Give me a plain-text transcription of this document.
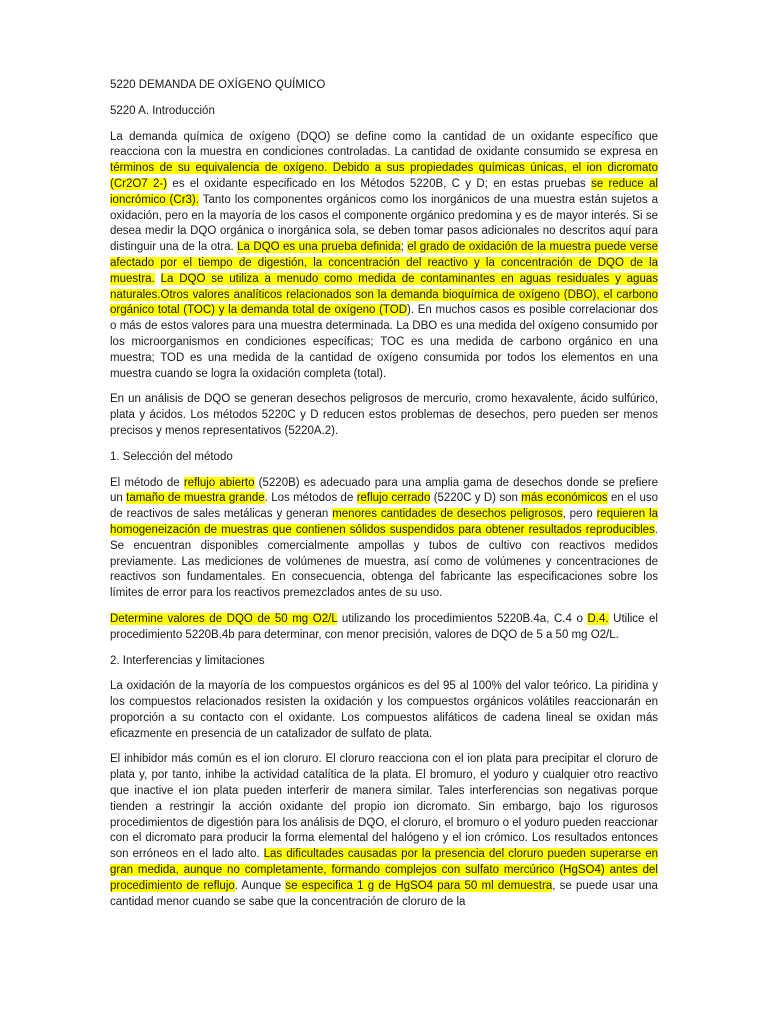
5220 DEMANDA DE OXÍGENO QUÍMICO
5220 A. Introducción

La demanda química de oxígeno (DQO) se define como la cantidad de un oxidante específico que reacciona con la muestra en condiciones controladas. La cantidad de oxidante consumido se expresa en términos de su equivalencia de oxígeno. Debido a sus propiedades químicas únicas, el ion dicromato (Cr2O7 2-) es el oxidante especificado en los Métodos 5220B, C y D; en estas pruebas se reduce al ioncrómico (Cr3). Tanto los componentes orgánicos como los inorgánicos de una muestra están sujetos a oxidación, pero en la mayoría de los casos el componente orgánico predomina y es de mayor interés. Si se desea medir la DQO orgánica o inorgánica sola, se deben tomar pasos adicionales no descritos aquí para distinguir una de la otra. La DQO es una prueba definida; el grado de oxidación de la muestra puede verse afectado por el tiempo de digestión, la concentración del reactivo y la concentración de DQO de la muestra. La DQO se utiliza a menudo como medida de contaminantes en aguas residuales y aguas naturales.Otros valores analíticos relacionados son la demanda bioquímica de oxígeno (DBO), el carbono orgánico total (TOC) y la demanda total de oxígeno (TOD). En muchos casos es posible correlacionar dos o más de estos valores para una muestra determinada. La DBO es una medida del oxígeno consumido por los microorganismos en condiciones específicas; TOC es una medida de carbono orgánico en una muestra; TOD es una medida de la cantidad de oxígeno consumida por todos los elementos en una muestra cuando se logra la oxidación completa (total).

En un análisis de DQO se generan desechos peligrosos de mercurio, cromo hexavalente, ácido sulfúrico, plata y ácidos. Los métodos 5220C y D reducen estos problemas de desechos, pero pueden ser menos precisos y menos representativos (5220A.2).

1. Selección del método

El método de reflujo abierto (5220B) es adecuado para una amplia gama de desechos donde se prefiere un tamaño de muestra grande. Los métodos de reflujo cerrado (5220C y D) son más económicos en el uso de reactivos de sales metálicas y generan menores cantidades de desechos peligrosos, pero requieren la homogeneización de muestras que contienen sólidos suspendidos para obtener resultados reproducibles. Se encuentran disponibles comercialmente ampollas y tubos de cultivo con reactivos medidos previamente. Las mediciones de volúmenes de muestra, así como de volúmenes y concentraciones de reactivos son fundamentales. En consecuencia, obtenga del fabricante las especificaciones sobre los límites de error para los reactivos premezclados antes de su uso.

Determine valores de DQO de 50 mg O2/L utilizando los procedimientos 5220B.4a, C.4 o D.4. Utilice el procedimiento 5220B.4b para determinar, con menor precisión, valores de DQO de 5 a 50 mg O2/L.

2. Interferencias y limitaciones

La oxidación de la mayoría de los compuestos orgánicos es del 95 al 100% del valor teórico. La piridina y los compuestos relacionados resisten la oxidación y los compuestos orgánicos volátiles reaccionarán en proporción a su contacto con el oxidante. Los compuestos alifáticos de cadena lineal se oxidan más eficazmente en presencia de un catalizador de sulfato de plata.

El inhibidor más común es el ion cloruro. El cloruro reacciona con el ion plata para precipitar el cloruro de plata y, por tanto, inhibe la actividad catalítica de la plata. El bromuro, el yoduro y cualquier otro reactivo que inactive el ion plata pueden interferir de manera similar. Tales interferencias son negativas porque tienden a restringir la acción oxidante del propio ion dicromato. Sin embargo, bajo los rigurosos procedimientos de digestión para los análisis de DQO, el cloruro, el bromuro o el yoduro pueden reaccionar con el dicromato para producir la forma elemental del halógeno y el ion crómico. Los resultados entonces son erróneos en el lado alto. Las dificultades causadas por la presencia del cloruro pueden superarse en gran medida, aunque no completamente, formando complejos con sulfato mercúrico (HgSO4) antes del procedimiento de reflujo. Aunque se especifica 1 g de HgSO4 para 50 ml demuestra, se puede usar una cantidad menor cuando se sabe que la concentración de cloruro de la
